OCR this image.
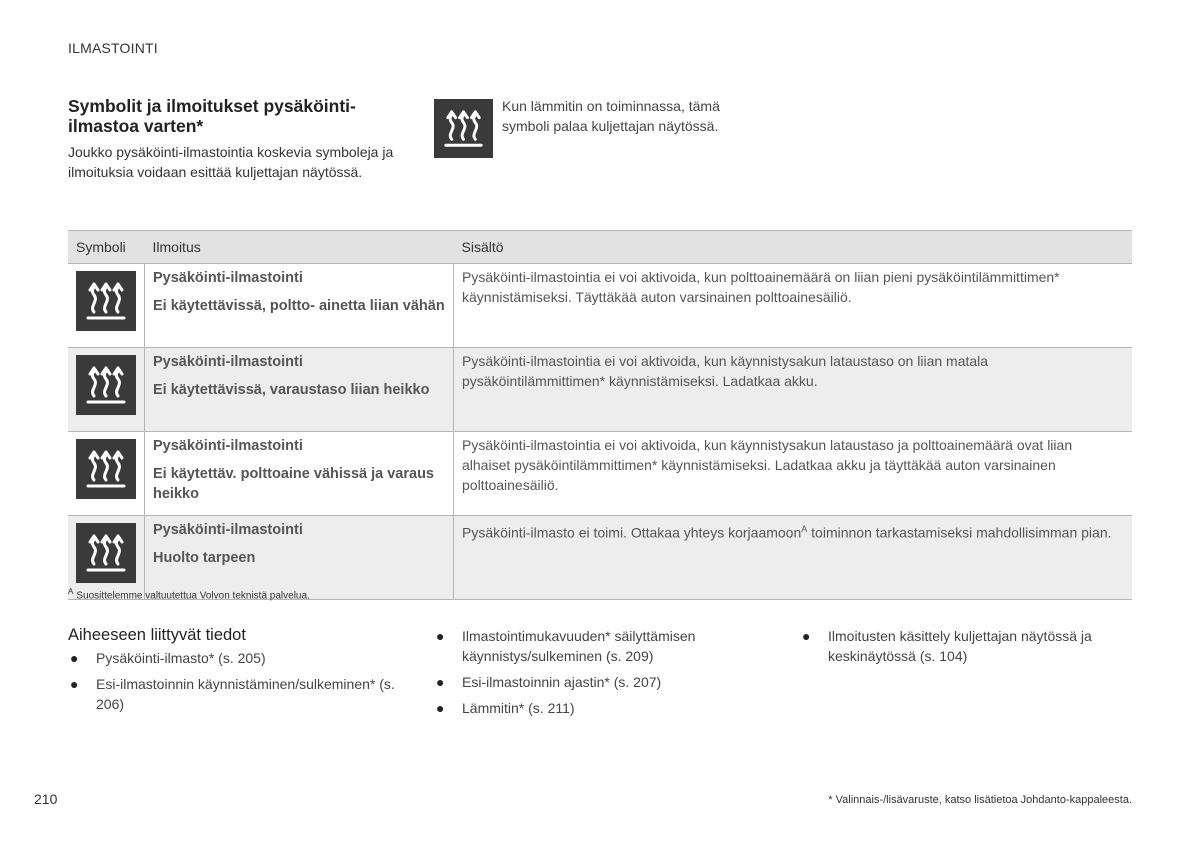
ILMASTOINTI
Symbolit ja ilmoitukset pysäköinti-ilmastoa varten*

Joukko pysäköinti-ilmastointia koskevia symboleja ja ilmoituksia voidaan esittää kuljettajan näytössä.

Kun lämmitin on toiminnassa, tämä symboli palaa kuljettajan näytössä.
Symboli	Ilmoitus	Sisältö

Pysäköinti-ilmastointi
Ei käytettävissä, poltto- ainetta liian vähän	Pysäköinti-ilmastointia ei voi aktivoida, kun polttoainemäärä on liian pieni pysäköintilämmittimen* käynnistämiseksi. Täyttäkää auton varsinainen polttoainesäiliö.

Pysäköinti-ilmastointi
Ei käytettävissä, varaustaso liian heikko	Pysäköinti-ilmastointia ei voi aktivoida, kun käynnistysakun lataustaso on liian matala pysäköintilämmittimen* käynnistämiseksi. Ladatkaa akku.

Pysäköinti-ilmastointi
Ei käytettäv. polttoaine vähissä ja varaus heikko	Pysäköinti-ilmastointia ei voi aktivoida, kun käynnistysakun lataustaso ja polttoainemäärä ovat liian alhaiset pysäköintilämmittimen* käynnistämiseksi. Ladatkaa akku ja täyttäkää auton varsinainen polttoainesäiliö.

Pysäköinti-ilmastointi
Huolto tarpeen	Pysäköinti-ilmasto ei toimi. Ottakaa yhteys korjaamoon$^A$ toiminnon tarkastamiseksi mahdollisimman pian.
$^A$ Suosittelemme valtuutettua Volvon teknistä palvelua.
Aiheeseen liittyvät tiedot
● Pysäköinti-ilmasto* (s. 205)
● Esi-ilmastoinnin käynnistäminen/sulkeminen* (s. 206)
● Ilmastointimukavuuden* säilyttämisen käynnistys/sulkeminen (s. 209)
● Esi-ilmastoinnin ajastin* (s. 207)
● Lämmitin* (s. 211)
● Ilmoitusten käsittely kuljettajan näytössä ja keskinäytössä (s. 104)
210	* Valinnais-/lisävaruste, katso lisätietoa Johdanto-kappaleesta.
